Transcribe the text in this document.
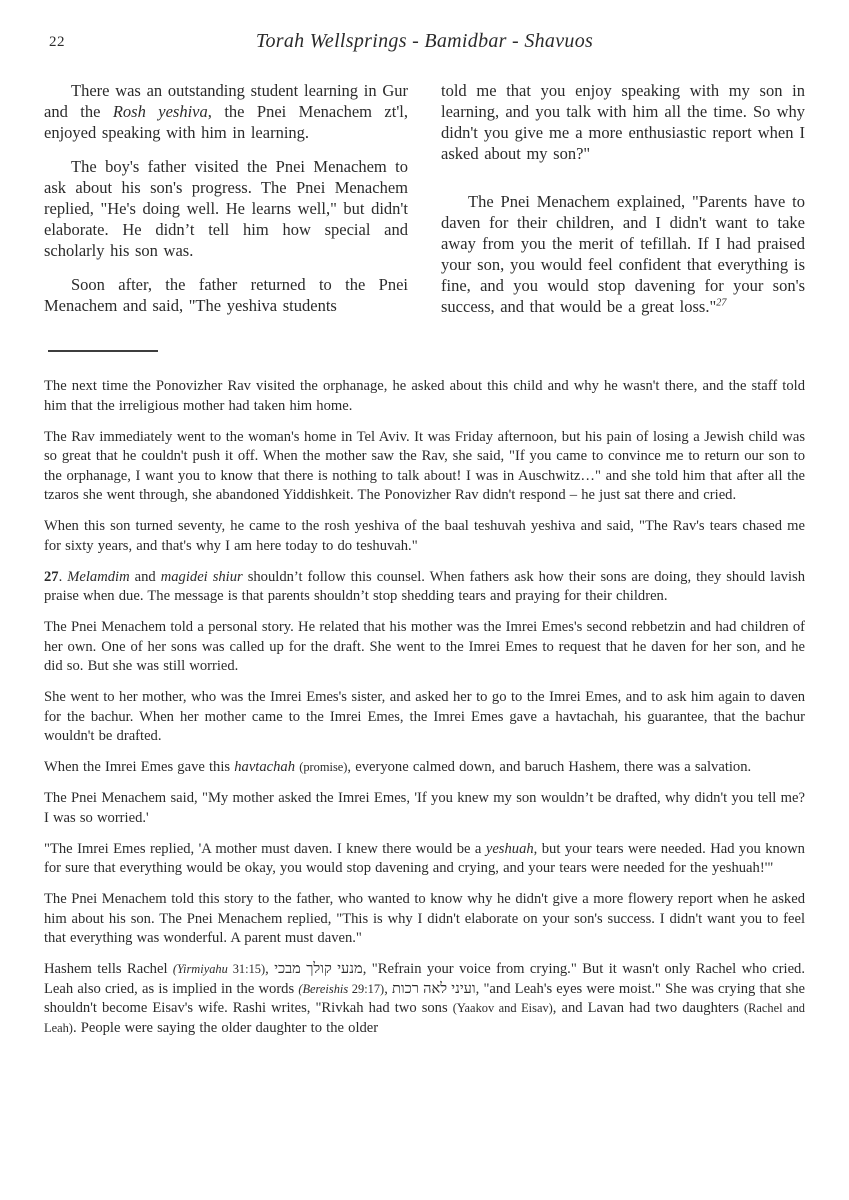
22	Torah Wellsprings - Bamidbar - Shavuos

There was an outstanding student learning in Gur and the Rosh yeshiva, the Pnei Menachem zt'l, enjoyed speaking with him in learning.

The boy's father visited the Pnei Menachem to ask about his son's progress. The Pnei Menachem replied, "He's doing well. He learns well," but didn't elaborate. He didn’t tell him how special and scholarly his son was.

Soon after, the father returned to the Pnei Menachem and said, "The yeshiva students

told me that you enjoy speaking with my son in learning, and you talk with him all the time. So why didn't you give me a more enthusiastic report when I asked about my son?"

The Pnei Menachem explained, "Parents have to daven for their children, and I didn't want to take away from you the merit of tefillah. If I had praised your son, you would feel confident that everything is fine, and you would stop davening for your son's success, and that would be a great loss."$^{27}$

The next time the Ponovizher Rav visited the orphanage, he asked about this child and why he wasn't there, and the staff told him that the irreligious mother had taken him home.

The Rav immediately went to the woman's home in Tel Aviv. It was Friday afternoon, but his pain of losing a Jewish child was so great that he couldn't push it off. When the mother saw the Rav, she said, "If you came to convince me to return our son to the orphanage, I want you to know that there is nothing to talk about! I was in Auschwitz…" and she told him that after all the tzaros she went through, she abandoned Yiddishkeit. The Ponovizher Rav didn't respond – he just sat there and cried.

When this son turned seventy, he came to the rosh yeshiva of the baal teshuvah yeshiva and said, "The Rav's tears chased me for sixty years, and that's why I am here today to do teshuvah."

27. Melamdim and magidei shiur shouldn’t follow this counsel. When fathers ask how their sons are doing, they should lavish praise when due. The message is that parents shouldn’t stop shedding tears and praying for their children.

The Pnei Menachem told a personal story. He related that his mother was the Imrei Emes's second rebbetzin and had children of her own. One of her sons was called up for the draft. She went to the Imrei Emes to request that he daven for her son, and he did so. But she was still worried.

She went to her mother, who was the Imrei Emes's sister, and asked her to go to the Imrei Emes, and to ask him again to daven for the bachur. When her mother came to the Imrei Emes, the Imrei Emes gave a havtachah, his guarantee, that the bachur wouldn't be drafted.

When the Imrei Emes gave this havtachah (promise), everyone calmed down, and baruch Hashem, there was a salvation.

The Pnei Menachem said, "My mother asked the Imrei Emes, 'If you knew my son wouldn’t be drafted, why didn't you tell me? I was so worried.'

"The Imrei Emes replied, 'A mother must daven. I knew there would be a yeshuah, but your tears were needed. Had you known for sure that everything would be okay, you would stop davening and crying, and your tears were needed for the yeshuah!'"

The Pnei Menachem told this story to the father, who wanted to know why he didn't give a more flowery report when he asked him about his son. The Pnei Menachem replied, "This is why I didn't elaborate on your son's success. I didn't want you to feel that everything was wonderful. A parent must daven."

Hashem tells Rachel (Yirmiyahu 31:15), מנעי קולך מבכי, "Refrain your voice from crying." But it wasn't only Rachel who cried. Leah also cried, as is implied in the words (Bereishis 29:17), ועיני לאה רכות, "and Leah's eyes were moist." She was crying that she shouldn't become Eisav's wife. Rashi writes, "Rivkah had two sons (Yaakov and Eisav), and Lavan had two daughters (Rachel and Leah). People were saying the older daughter to the older
